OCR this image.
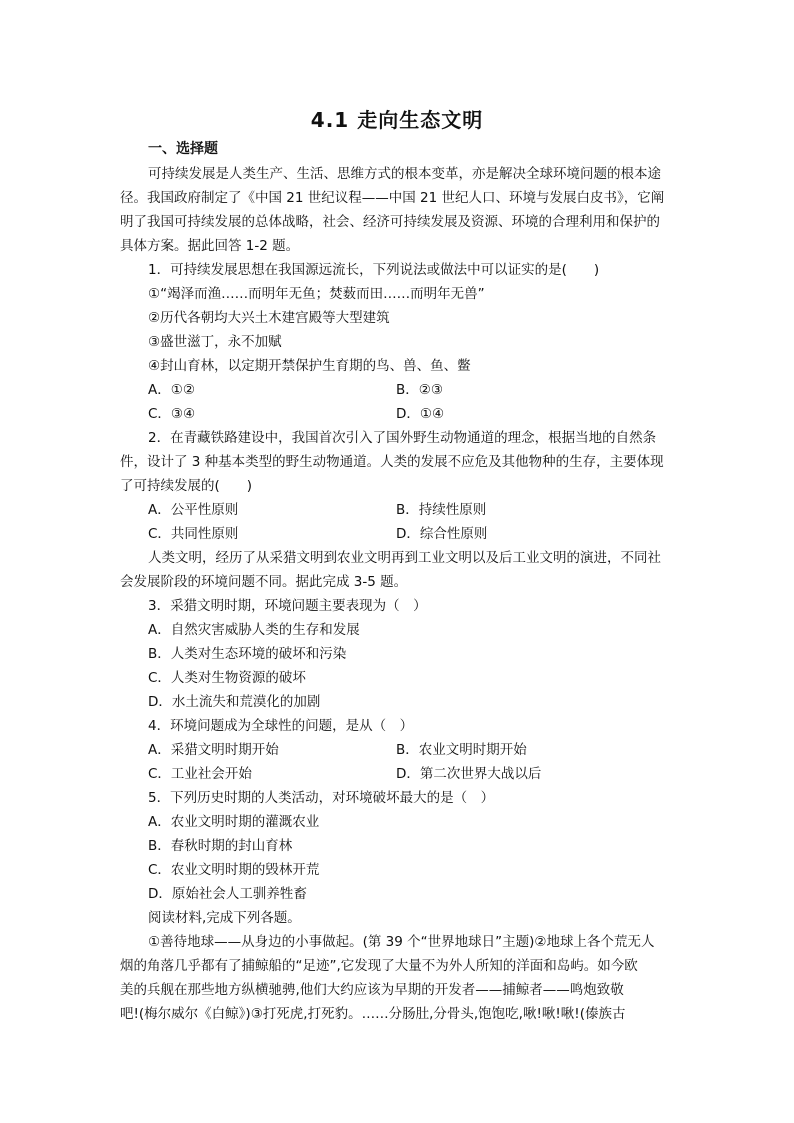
4.1 走向生态文明
一、选择题
可持续发展是人类生产、生活、思维方式的根本变革，亦是解决全球环境问题的根本途
径。我国政府制定了《中国 21 世纪议程——中国 21 世纪人口、环境与发展白皮书》，它阐
明了我国可持续发展的总体战略，社会、经济可持续发展及资源、环境的合理利用和保护的
具体方案。据此回答 1-2 题。
1．可持续发展思想在我国源远流长，下列说法或做法中可以证实的是(　　)
①“竭泽而渔……而明年无鱼；焚薮而田……而明年无兽”
②历代各朝均大兴土木建宫殿等大型建筑
③盛世滋丁，永不加赋
④封山育林，以定期开禁保护生育期的鸟、兽、鱼、鳖
A．①②	B．②③
C．③④	D．①④
2．在青藏铁路建设中，我国首次引入了国外野生动物通道的理念，根据当地的自然条
件，设计了 3 种基本类型的野生动物通道。人类的发展不应危及其他物种的生存，主要体现
了可持续发展的(　　)
A．公平性原则	B．持续性原则
C．共同性原则	D．综合性原则
人类文明，经历了从采猎文明到农业文明再到工业文明以及后工业文明的演进，不同社
会发展阶段的环境问题不同。据此完成 3-5 题。
3．采猎文明时期，环境问题主要表现为（　）
A．自然灾害威胁人类的生存和发展
B．人类对生态环境的破坏和污染
C．人类对生物资源的破坏
D．水土流失和荒漠化的加剧
4．环境问题成为全球性的问题，是从（　）
A．采猎文明时期开始	B．农业文明时期开始
C．工业社会开始	D．第二次世界大战以后
5．下列历史时期的人类活动，对环境破坏最大的是（　）
A．农业文明时期的灌溉农业
B．春秋时期的封山育林
C．农业文明时期的毁林开荒
D．原始社会人工驯养牲畜
阅读材料,完成下列各题。
①善待地球——从身边的小事做起。(第 39 个“世界地球日”主题)②地球上各个荒无人
烟的角落几乎都有了捕鲸船的“足迹”,它发现了大量不为外人所知的洋面和岛屿。如今欧
美的兵舰在那些地方纵横驰骋,他们大约应该为早期的开发者——捕鲸者——鸣炮致敬
吧!(梅尔威尔《白鲸》)③打死虎,打死豹。……分肠肚,分骨头,饱饱吃,啾!啾!啾!(傣族古
